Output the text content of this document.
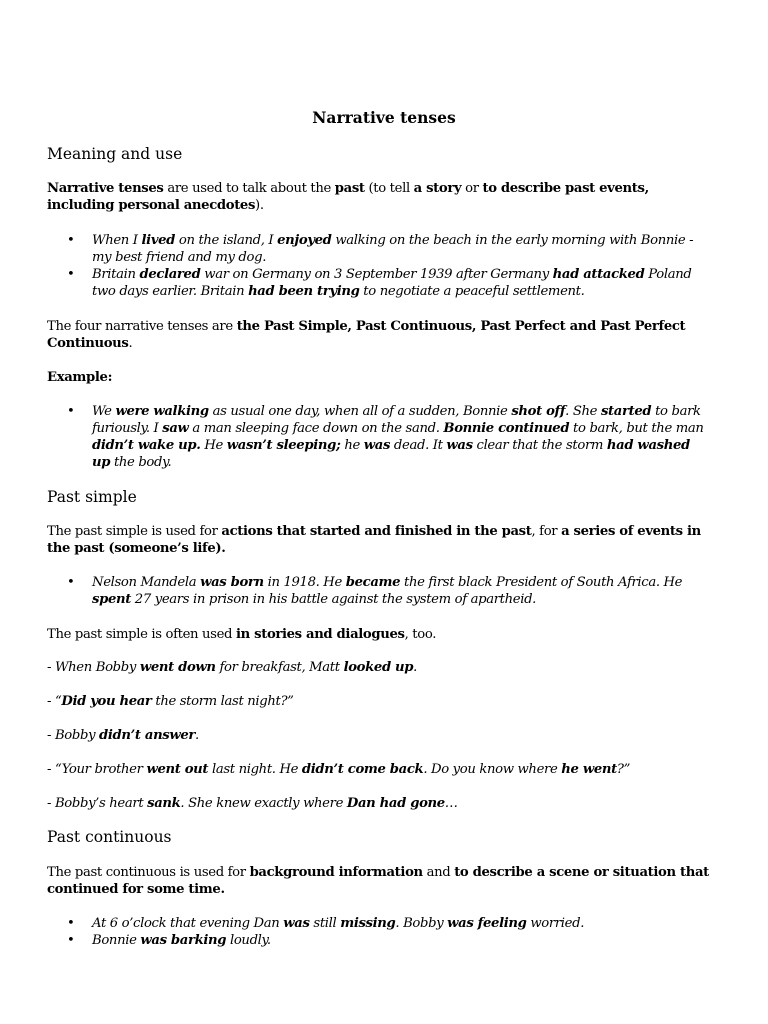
Narrative tenses
Meaning and use

Narrative tenses are used to talk about the past (to tell a story or to describe past events, including personal anecdotes).

• When I lived on the island, I enjoyed walking on the beach in the early morning with Bonnie - my best friend and my dog.
• Britain declared war on Germany on 3 September 1939 after Germany had attacked Poland two days earlier. Britain had been trying to negotiate a peaceful settlement.

The four narrative tenses are the Past Simple, Past Continuous, Past Perfect and Past Perfect Continuous.

Example:

• We were walking as usual one day, when all of a sudden, Bonnie shot off. She started to bark furiously. I saw a man sleeping face down on the sand. Bonnie continued to bark, but the man didn’t wake up. He wasn’t sleeping; he was dead. It was clear that the storm had washed up the body.
Past simple

The past simple is used for actions that started and finished in the past, for a series of events in the past (someone’s life).

• Nelson Mandela was born in 1918. He became the first black President of South Africa. He spent 27 years in prison in his battle against the system of apartheid.

The past simple is often used in stories and dialogues, too.

- When Bobby went down for breakfast, Matt looked up.

- “Did you hear the storm last night?”

- Bobby didn’t answer.

- “Your brother went out last night. He didn’t come back. Do you know where he went?”

- Bobby’s heart sank. She knew exactly where Dan had gone…

Past continuous

The past continuous is used for background information and to describe a scene or situation that continued for some time.

• At 6 o’clock that evening Dan was still missing. Bobby was feeling worried.
• Bonnie was barking loudly.
